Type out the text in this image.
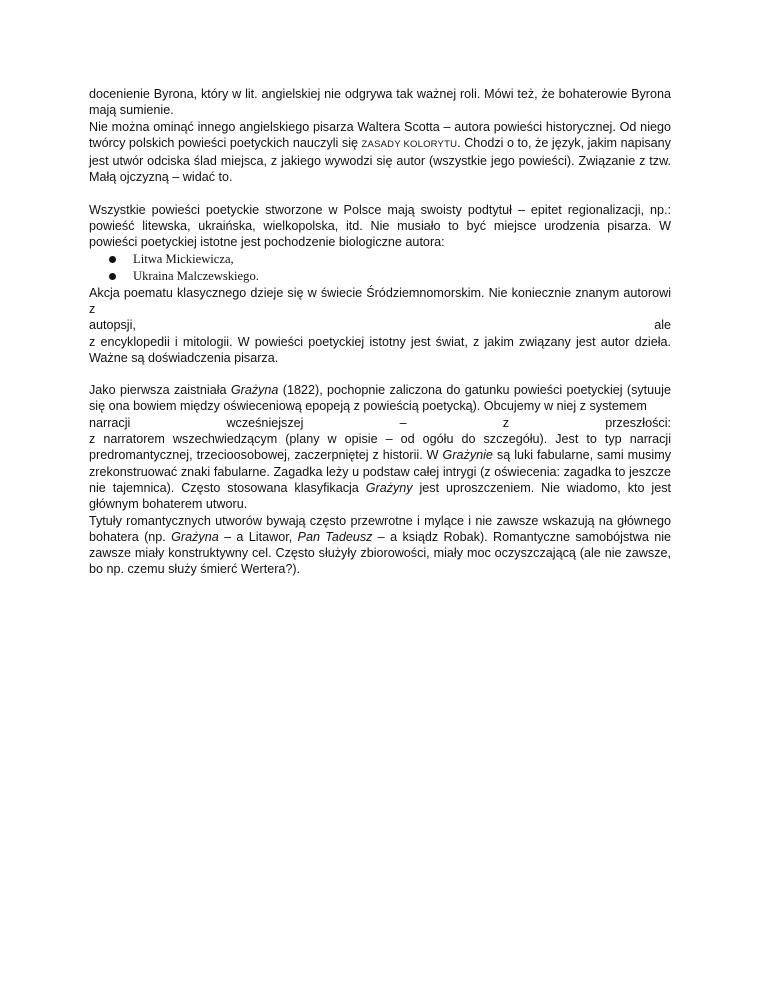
docenienie Byrona, który w lit. angielskiej nie odgrywa tak ważnej roli. Mówi też, że bohaterowie Byrona mają sumienie.

Nie można ominąć innego angielskiego pisarza Waltera Scotta – autora powieści historycznej. Od niego twórcy polskich powieści poetyckich nauczyli się ZASADY KOLORYTU. Chodzi o to, że język, jakim napisany jest utwór odciska ślad miejsca, z jakiego wywodzi się autor (wszystkie jego powieści). Związanie z tzw. Małą ojczyzną – widać to.

Wszystkie powieści poetyckie stworzone w Polsce mają swoisty podtytuł – epitet regionalizacji, np.: powieść litewska, ukraińska, wielkopolska, itd. Nie musiało to być miejsce urodzenia pisarza. W powieści poetyckiej istotne jest pochodzenie biologiczne autora:

Litwa Mickiewicza,
Ukraina Malczewskiego.

Akcja poematu klasycznego dzieje się w świecie Śródziemnomorskim. Nie koniecznie znanym autorowi z
autopsji,	ale
z encyklopedii i mitologii. W powieści poetyckiej istotny jest świat, z jakim związany jest autor dzieła. Ważne są doświadczenia pisarza.

Jako pierwsza zaistniała Grażyna (1822), pochopnie zaliczona do gatunku powieści poetyckiej (sytuuje się ona bowiem między oświeceniową epopeją z powieścią poetycką). Obcujemy w niej z systemem
narracji wcześniejszej – z przeszłości:
z narratorem wszechwiedzącym (plany w opisie – od ogółu do szczegółu). Jest to typ narracji predromantycznej, trzecioosobowej, zaczerpniętej z historii. W Grażynie są luki fabularne, sami musimy zrekonstruować znaki fabularne. Zagadka leży u podstaw całej intrygi (z oświecenia: zagadka to jeszcze nie tajemnica). Często stosowana klasyfikacja Grażyny jest uproszczeniem. Nie wiadomo, kto jest głównym bohaterem utworu.

Tytuły romantycznych utworów bywają często przewrotne i mylące i nie zawsze wskazują na głównego bohatera (np. Grażyna – a Litawor, Pan Tadeusz – a ksiądz Robak). Romantyczne samobójstwa nie zawsze miały konstruktywny cel. Często służyły zbiorowości, miały moc oczyszczającą (ale nie zawsze, bo np. czemu służy śmierć Wertera?).
